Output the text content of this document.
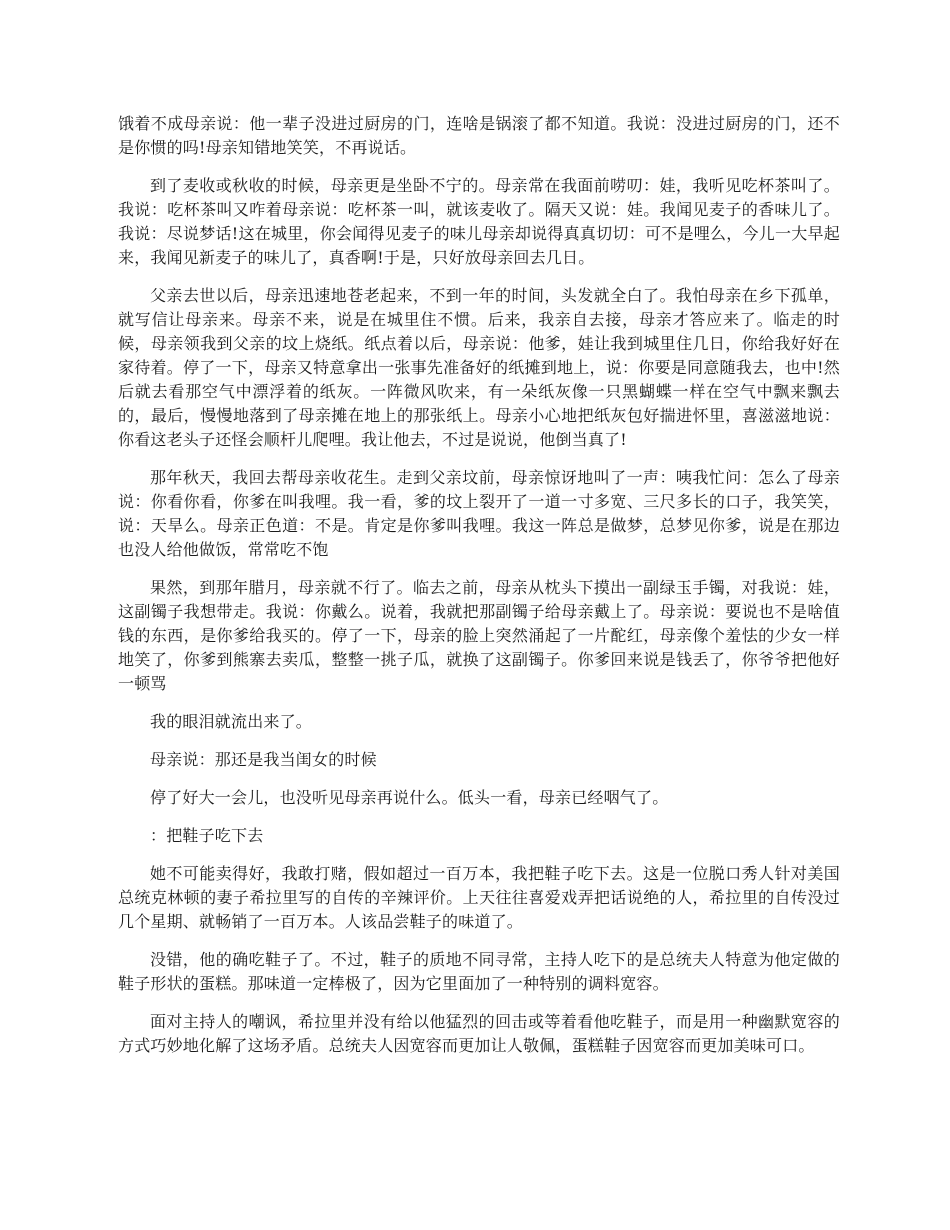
饿着不成母亲说：他一辈子没进过厨房的门，连啥是锅滚了都不知道。我说：没进过厨房的门，还不是你惯的吗!母亲知错地笑笑，不再说话。

到了麦收或秋收的时候，母亲更是坐卧不宁的。母亲常在我面前唠叨：娃，我听见吃杯茶叫了。我说：吃杯茶叫又咋着母亲说：吃杯茶一叫，就该麦收了。隔天又说：娃。我闻见麦子的香味儿了。我说：尽说梦话!这在城里，你会闻得见麦子的味儿母亲却说得真真切切：可不是哩么，今儿一大早起来，我闻见新麦子的味儿了，真香啊!于是，只好放母亲回去几日。

父亲去世以后，母亲迅速地苍老起来，不到一年的时间，头发就全白了。我怕母亲在乡下孤单，就写信让母亲来。母亲不来，说是在城里住不惯。后来，我亲自去接，母亲才答应来了。临走的时候，母亲领我到父亲的坟上烧纸。纸点着以后，母亲说：他爹，娃让我到城里住几日，你给我好好在家待着。停了一下，母亲又特意拿出一张事先准备好的纸摊到地上，说：你要是同意随我去，也中!然后就去看那空气中漂浮着的纸灰。一阵微风吹来，有一朵纸灰像一只黑蝴蝶一样在空气中飘来飘去的，最后，慢慢地落到了母亲摊在地上的那张纸上。母亲小心地把纸灰包好揣进怀里，喜滋滋地说：你看这老头子还怪会顺杆儿爬哩。我让他去，不过是说说，他倒当真了!

那年秋天，我回去帮母亲收花生。走到父亲坟前，母亲惊讶地叫了一声：咦我忙问：怎么了母亲说：你看你看，你爹在叫我哩。我一看，爹的坟上裂开了一道一寸多宽、三尺多长的口子，我笑笑，说：天旱么。母亲正色道：不是。肯定是你爹叫我哩。我这一阵总是做梦，总梦见你爹，说是在那边也没人给他做饭，常常吃不饱

果然，到那年腊月，母亲就不行了。临去之前，母亲从枕头下摸出一副绿玉手镯，对我说：娃，这副镯子我想带走。我说：你戴么。说着，我就把那副镯子给母亲戴上了。母亲说：要说也不是啥值钱的东西，是你爹给我买的。停了一下，母亲的脸上突然涌起了一片酡红，母亲像个羞怯的少女一样地笑了，你爹到熊寨去卖瓜，整整一挑子瓜，就换了这副镯子。你爹回来说是钱丢了，你爷爷把他好一顿骂

我的眼泪就流出来了。

母亲说：那还是我当闺女的时候

停了好大一会儿，也没听见母亲再说什么。低头一看，母亲已经咽气了。

：把鞋子吃下去

她不可能卖得好，我敢打赌，假如超过一百万本，我把鞋子吃下去。这是一位脱口秀人针对美国总统克林顿的妻子希拉里写的自传的辛辣评价。上天往往喜爱戏弄把话说绝的人，希拉里的自传没过几个星期、就畅销了一百万本。人该品尝鞋子的味道了。

没错，他的确吃鞋子了。不过，鞋子的质地不同寻常，主持人吃下的是总统夫人特意为他定做的鞋子形状的蛋糕。那味道一定棒极了，因为它里面加了一种特别的调料宽容。

面对主持人的嘲讽，希拉里并没有给以他猛烈的回击或等着看他吃鞋子，而是用一种幽默宽容的方式巧妙地化解了这场矛盾。总统夫人因宽容而更加让人敬佩，蛋糕鞋子因宽容而更加美味可口。
